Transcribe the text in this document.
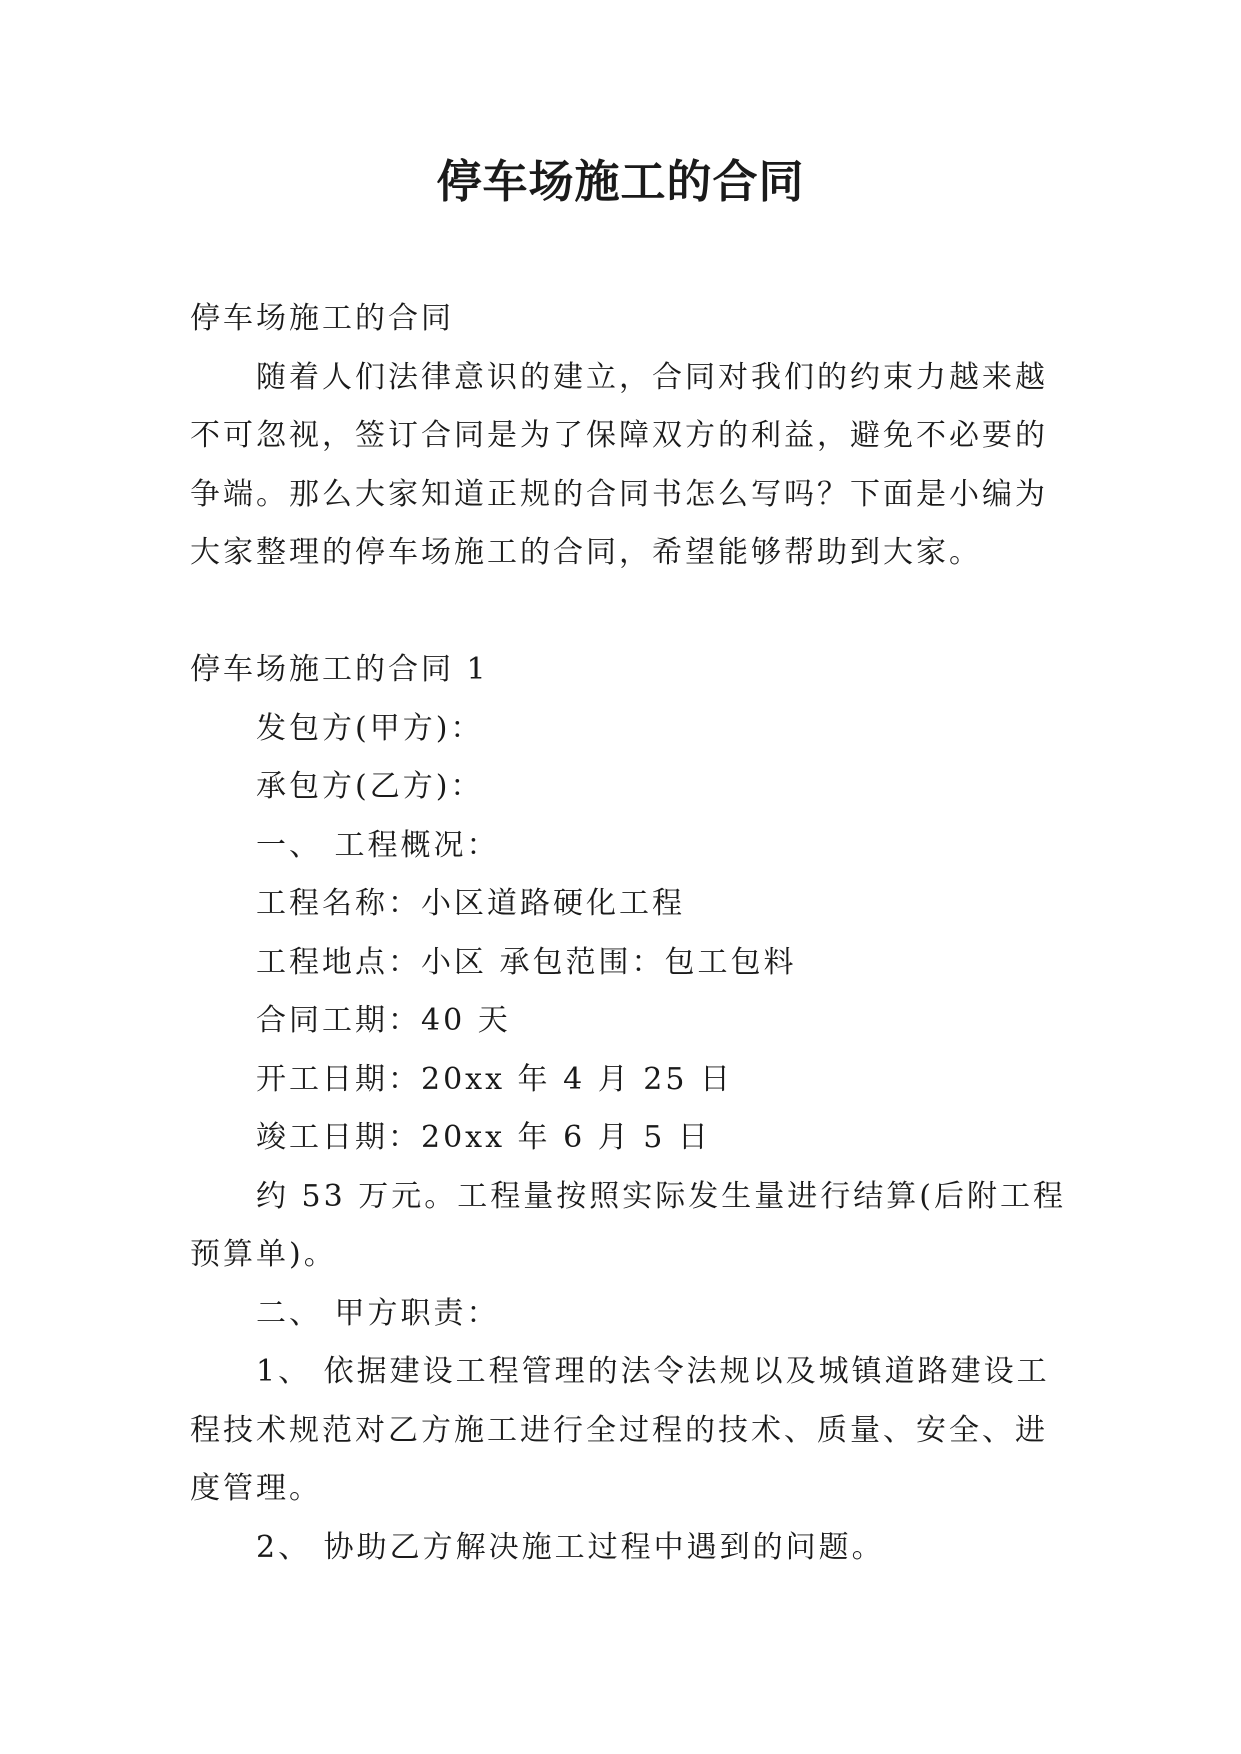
停车场施工的合同

停车场施工的合同

随着人们法律意识的建立，合同对我们的约束力越来越不可忽视，签订合同是为了保障双方的利益，避免不必要的争端。那么大家知道正规的合同书怎么写吗？下面是小编为大家整理的停车场施工的合同，希望能够帮助到大家。

停车场施工的合同 1

发包方(甲方)：

承包方(乙方)：

一、 工程概况：

工程名称：小区道路硬化工程

工程地点：小区 承包范围：包工包料

合同工期：40 天

开工日期：20xx 年 4 月 25 日

竣工日期：20xx 年 6 月 5 日

约 53 万元。工程量按照实际发生量进行结算(后附工程预算单)。

二、 甲方职责：

1、 依据建设工程管理的法令法规以及城镇道路建设工程技术规范对乙方施工进行全过程的技术、质量、安全、进度管理。

2、 协助乙方解决施工过程中遇到的问题。
